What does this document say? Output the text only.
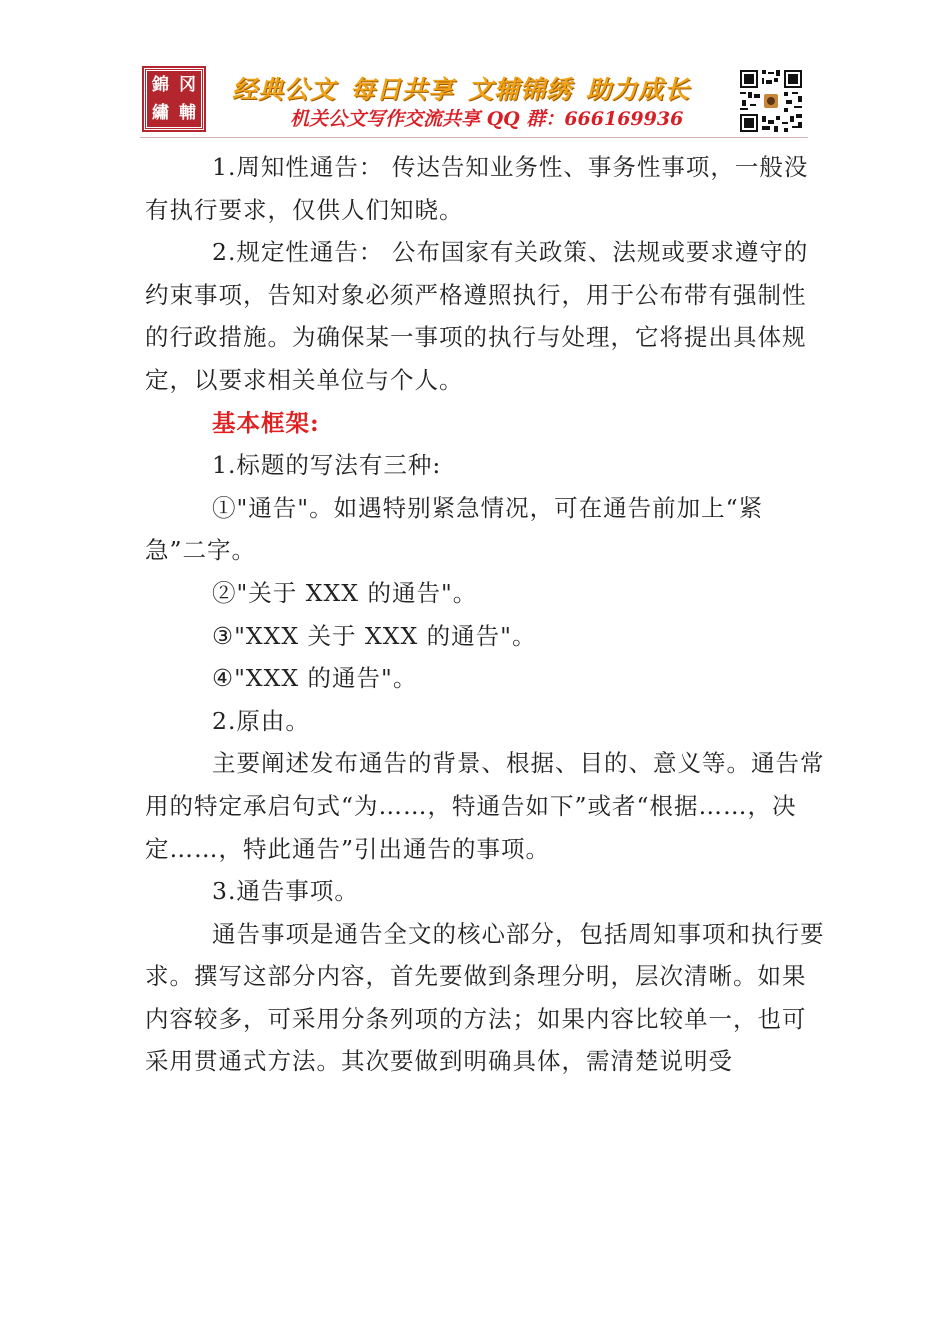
錦 冈
繡 輔
经典公文 每日共享 文辅锦绣 助力成长
机关公文写作交流共享 QQ 群：666169936

1.周知性通告： 传达告知业务性、事务性事项，一般没有执行要求，仅供人们知晓。

2.规定性通告： 公布国家有关政策、法规或要求遵守的约束事项，告知对象必须严格遵照执行，用于公布带有强制性的行政措施。为确保某一事项的执行与处理，它将提出具体规定，以要求相关单位与个人。

基本框架:

1.标题的写法有三种:

①"通告"。如遇特别紧急情况，可在通告前加上“紧急”二字。

②"关于 XXX 的通告"。

③"XXX 关于 XXX 的通告"。

④"XXX 的通告"。

2.原由。

主要阐述发布通告的背景、根据、目的、意义等。通告常用的特定承启句式“为……，特通告如下”或者“根据……，决定……，特此通告”引出通告的事项。

3.通告事项。

通告事项是通告全文的核心部分，包括周知事项和执行要求。撰写这部分内容，首先要做到条理分明，层次清晰。如果内容较多，可采用分条列项的方法；如果内容比较单一，也可采用贯通式方法。其次要做到明确具体，需清楚说明受
